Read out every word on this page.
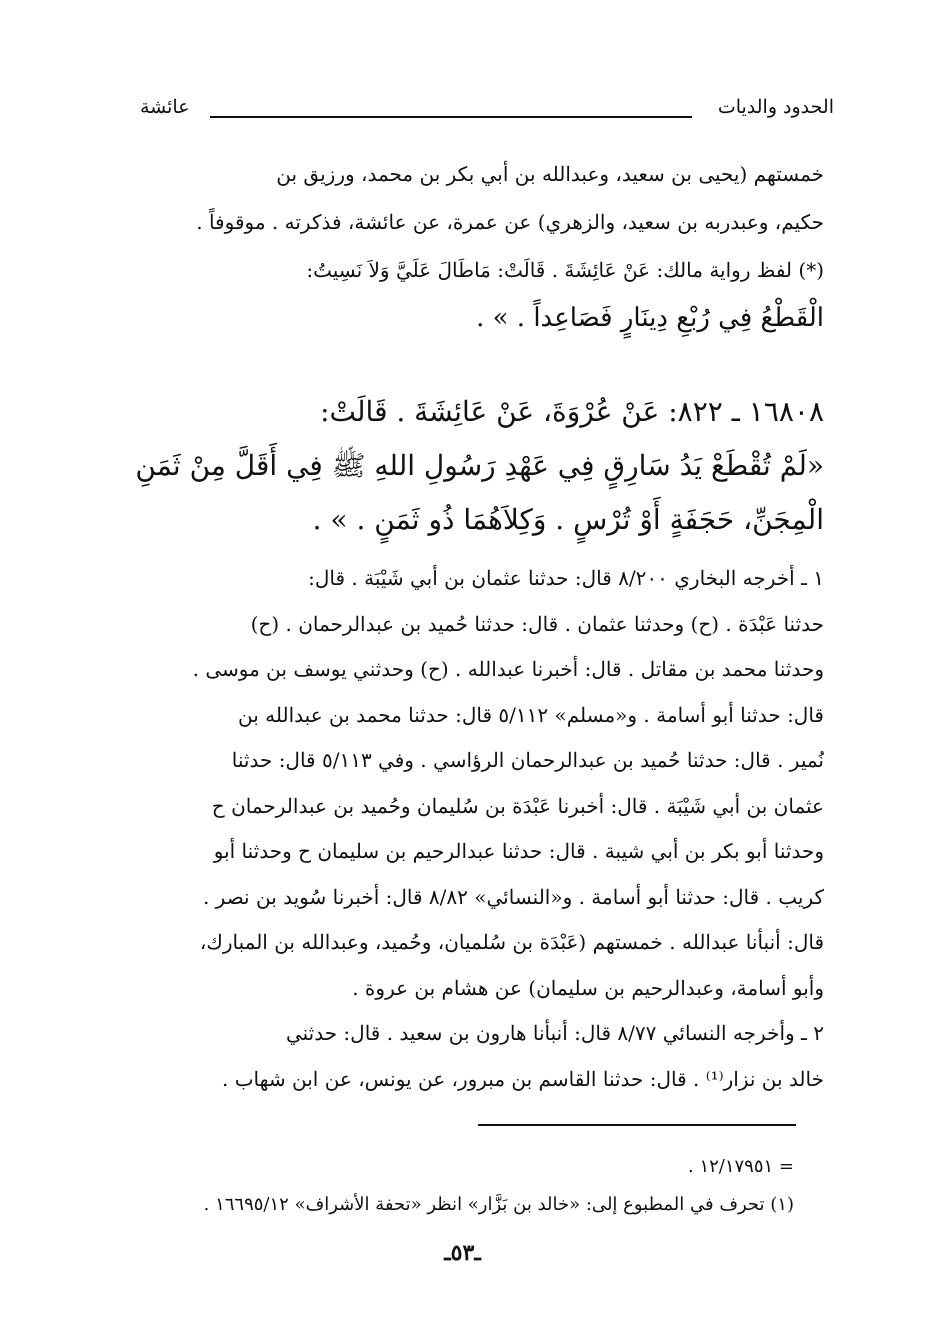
الحدود والديات
عائشة
خمستهم (يحيى بن سعيد، وعبدالله بن أبي بكر بن محمد، ورزيق بن
حكيم، وعبدربه بن سعيد، والزهري) عن عمرة، عن عائشة، فذكرته . موقوفاً .
(*) لفظ رواية مالك: عَنْ عَائِشَةَ . قَالَتْ: مَاطَالَ عَلَيَّ وَلاَ نَسِيتُ:
الْقَطْعُ فِي رُبْعِ دِينَارٍ فَصَاعِداً . » .
١٦٨٠٨ ـ ٨٢٢: عَنْ عُرْوَةَ، عَنْ عَائِشَةَ . قَالَتْ:
«لَمْ تُقْطَعْ يَدُ سَارِقٍ فِي عَهْدِ رَسُولِ اللهِ ﷺ فِي أَقَلَّ مِنْ ثَمَنِ
الْمِجَنِّ، حَجَفَةٍ أَوْ تُرْسٍ . وَكِلاَهُمَا ذُو ثَمَنٍ . » .
١ ـ أخرجه البخاري ٨/٢٠٠ قال: حدثنا عثمان بن أبي شَيْبَة . قال:
حدثنا عَبْدَة . (ح) وحدثنا عثمان . قال: حدثنا حُميد بن عبدالرحمان . (ح)
وحدثنا محمد بن مقاتل . قال: أخبرنا عبدالله . (ح) وحدثني يوسف بن موسى .
قال: حدثنا أبو أسامة . و«مسلم» ٥/١١٢ قال: حدثنا محمد بن عبدالله بن
نُمير . قال: حدثنا حُميد بن عبدالرحمان الرؤاسي . وفي ٥/١١٣ قال: حدثنا
عثمان بن أبي شَيْبَة . قال: أخبرنا عَبْدَة بن سُليمان وحُميد بن عبدالرحمان ح
وحدثنا أبو بكر بن أبي شيبة . قال: حدثنا عبدالرحيم بن سليمان ح وحدثنا أبو
كريب . قال: حدثنا أبو أسامة . و«النسائي» ٨/٨٢ قال: أخبرنا سُويد بن نصر .
قال: أنبأنا عبدالله . خمستهم (عَبْدَة بن سُلميان، وحُميد، وعبدالله بن المبارك،
وأبو أسامة، وعبدالرحيم بن سليمان) عن هشام بن عروة .
٢ ـ وأخرجه النسائي ٨/٧٧ قال: أنبأنا هارون بن سعيد . قال: حدثني
خالد بن نزار⁽¹⁾ . قال: حدثنا القاسم بن مبرور، عن يونس، عن ابن شهاب .
= ١٢/١٧٩٥١ .
(١) تحرف في المطبوع إلى: «خالد بن بَزَّار» انظر «تحفة الأشراف» ١٦٦٩٥/١٢ .
ـ٥٣ـ
